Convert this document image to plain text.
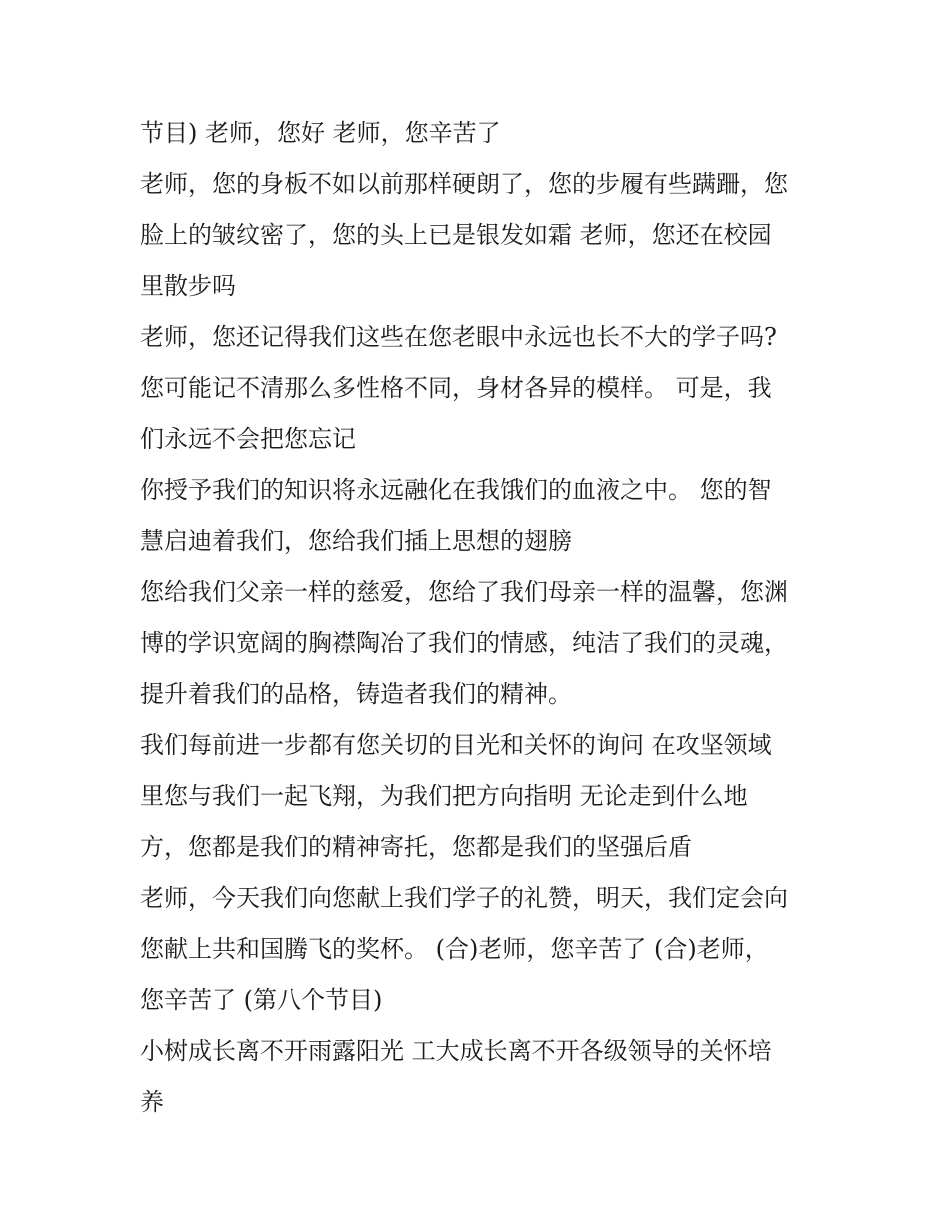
节目) 老师，您好 老师，您辛苦了
老师，您的身板不如以前那样硬朗了，您的步履有些蹒跚，您
脸上的皱纹密了，您的头上已是银发如霜 老师，您还在校园
里散步吗
老师，您还记得我们这些在您老眼中永远也长不大的学子吗?
您可能记不清那么多性格不同，身材各异的模样。 可是，我
们永远不会把您忘记
你授予我们的知识将永远融化在我饿们的血液之中。 您的智
慧启迪着我们，您给我们插上思想的翅膀
您给我们父亲一样的慈爱，您给了我们母亲一样的温馨，您渊
博的学识宽阔的胸襟陶冶了我们的情感，纯洁了我们的灵魂，
提升着我们的品格，铸造者我们的精神。
我们每前进一步都有您关切的目光和关怀的询问 在攻坚领域
里您与我们一起飞翔，为我们把方向指明 无论走到什么地
方，您都是我们的精神寄托，您都是我们的坚强后盾
老师，今天我们向您献上我们学子的礼赞，明天，我们定会向
您献上共和国腾飞的奖杯。 (合)老师，您辛苦了 (合)老师，
您辛苦了 (第八个节目)
小树成长离不开雨露阳光 工大成长离不开各级领导的关怀培
养
